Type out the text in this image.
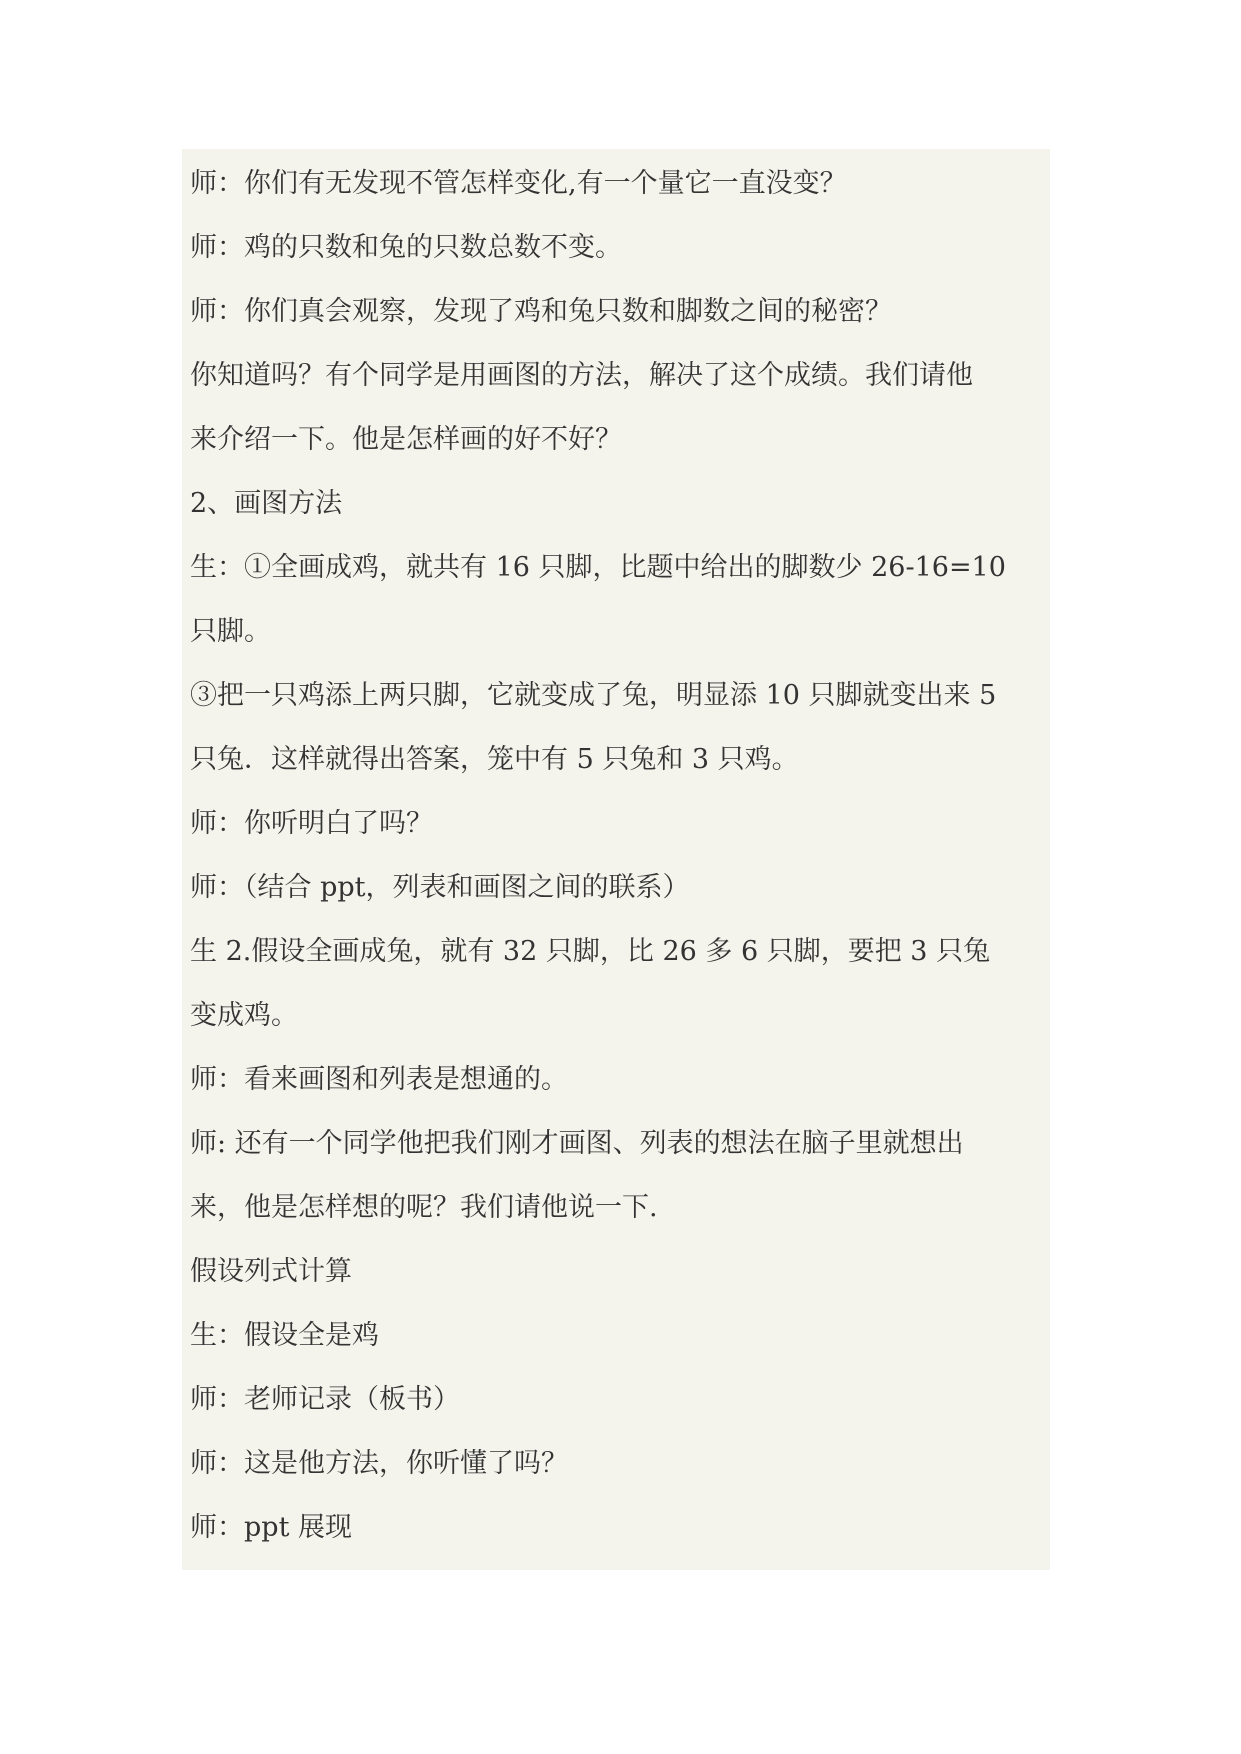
师：你们有无发现不管怎样变化,有一个量它一直没变？
师：鸡的只数和兔的只数总数不变。
师：你们真会观察，发现了鸡和兔只数和脚数之间的秘密？
你知道吗？有个同学是用画图的方法，解决了这个成绩。我们请他
来介绍一下。他是怎样画的好不好？
2、画图方法
生：①全画成鸡，就共有 16 只脚，比题中给出的脚数少 26-16=10
只脚。
③把一只鸡添上两只脚，它就变成了兔，明显添 10 只脚就变出来 5
只兔．这样就得出答案，笼中有 5 只兔和 3 只鸡。
师：你听明白了吗？
师：（结合 ppt，列表和画图之间的联系）
生 2.假设全画成兔，就有 32 只脚，比 26 多 6 只脚，要把 3 只兔
变成鸡。
师：看来画图和列表是想通的。
师: 还有一个同学他把我们刚才画图、列表的想法在脑子里就想出
来，他是怎样想的呢？我们请他说一下.
假设列式计算
生：假设全是鸡
师：老师记录（板书）
师：这是他方法，你听懂了吗？
师：ppt 展现
